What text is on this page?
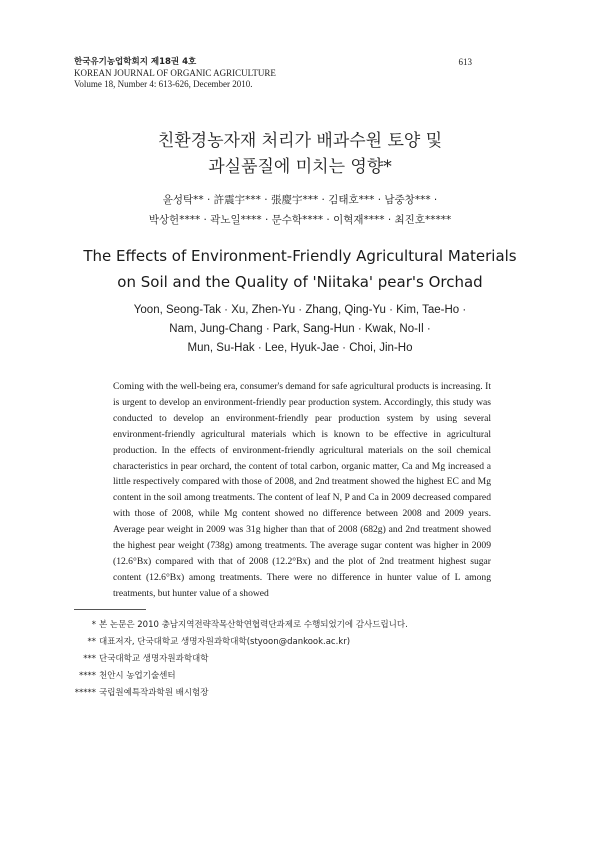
한국유기농업학회지 제18권 4호
KOREAN JOURNAL OF ORGANIC AGRICULTURE
Volume 18, Number 4: 613-626, December 2010.
613
친환경농자재 처리가 배과수원 토양 및
과실품질에 미치는 영향*
윤성탁** · 許震宇*** · 張慶宇*** · 김태호*** · 남중창*** ·
박상헌**** · 곽노일**** · 문수학**** · 이혁재**** · 최진호*****
The Effects of Environment-Friendly Agricultural Materials
on Soil and the Quality of 'Niitaka' pear's Orchad
Yoon, Seong-Tak · Xu, Zhen-Yu · Zhang, Qing-Yu · Kim, Tae-Ho ·
Nam, Jung-Chang · Park, Sang-Hun · Kwak, No-Il ·
Mun, Su-Hak · Lee, Hyuk-Jae · Choi, Jin-Ho
Coming with the well-being era, consumer's demand for safe agricultural products is increasing. It is urgent to develop an environment-friendly pear production system. Accordingly, this study was conducted to develop an environment-friendly pear production system by using several environment-friendly agricultural materials which is known to be effective in agricultural production. In the effects of environment-friendly agricultural materials on the soil chemical characteristics in pear orchard, the content of total carbon, organic matter, Ca and Mg increased a little respectively compared with those of 2008, and 2nd treatment showed the highest EC and Mg content in the soil among treatments. The content of leaf N, P and Ca in 2009 decreased compared with those of 2008, while Mg content showed no difference between 2008 and 2009 years. Average pear weight in 2009 was 31g higher than that of 2008 (682g) and 2nd treatment showed the highest pear weight (738g) among treatments. The average sugar content was higher in 2009 (12.6°Bx) compared with that of 2008 (12.2°Bx) and the plot of 2nd treatment highest sugar content (12.6°Bx) among treatments. There were no difference in hunter value of L among treatments, but hunter value of a showed
* 본 논문은 2010 충남지역전략작목산학연협력단과제로 수행되었기에 감사드립니다.
** 대표저자, 단국대학교 생명자원과학대학(styoon@dankook.ac.kr)
*** 단국대학교 생명자원과학대학
**** 천안시 농업기술센터
***** 국립원예특작과학원 배시험장
